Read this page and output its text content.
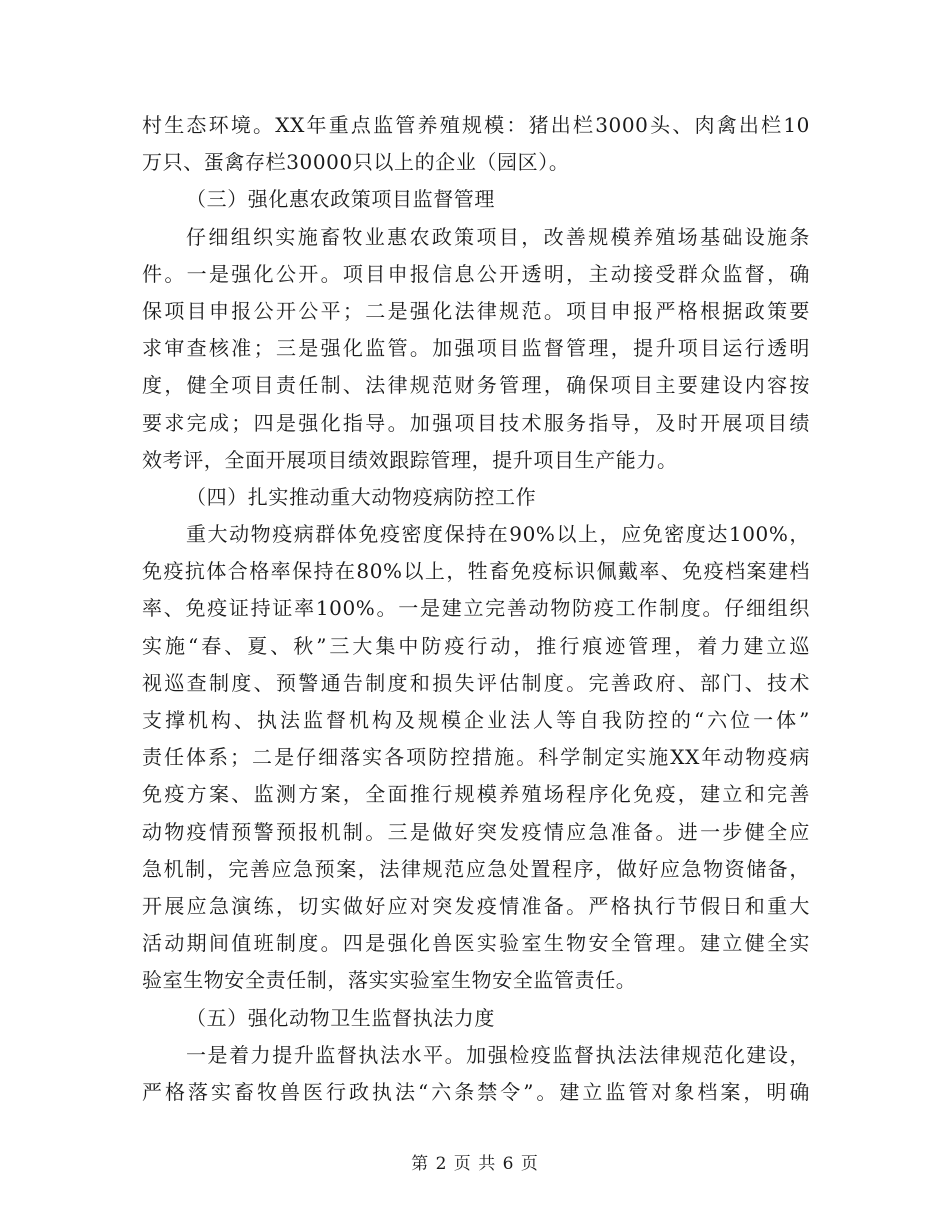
村生态环境。XX年重点监管养殖规模：猪出栏3000头、肉禽出栏10
万只、蛋禽存栏30000只以上的企业（园区）。
（三）强化惠农政策项目监督管理
仔细组织实施畜牧业惠农政策项目，改善规模养殖场基础设施条
件。一是强化公开。项目申报信息公开透明，主动接受群众监督，确
保项目申报公开公平；二是强化法律规范。项目申报严格根据政策要
求审查核准；三是强化监管。加强项目监督管理，提升项目运行透明
度，健全项目责任制、法律规范财务管理，确保项目主要建设内容按
要求完成；四是强化指导。加强项目技术服务指导，及时开展项目绩
效考评，全面开展项目绩效跟踪管理，提升项目生产能力。
（四）扎实推动重大动物疫病防控工作
重大动物疫病群体免疫密度保持在90%以上，应免密度达100%，
免疫抗体合格率保持在80%以上，牲畜免疫标识佩戴率、免疫档案建档
率、免疫证持证率100%。一是建立完善动物防疫工作制度。仔细组织
实施“春、夏、秋”三大集中防疫行动，推行痕迹管理，着力建立巡
视巡查制度、预警通告制度和损失评估制度。完善政府、部门、技术
支撑机构、执法监督机构及规模企业法人等自我防控的“六位一体”
责任体系；二是仔细落实各项防控措施。科学制定实施XX年动物疫病
免疫方案、监测方案，全面推行规模养殖场程序化免疫，建立和完善
动物疫情预警预报机制。三是做好突发疫情应急准备。进一步健全应
急机制，完善应急预案，法律规范应急处置程序，做好应急物资储备，
开展应急演练，切实做好应对突发疫情准备。严格执行节假日和重大
活动期间值班制度。四是强化兽医实验室生物安全管理。建立健全实
验室生物安全责任制，落实实验室生物安全监管责任。
（五）强化动物卫生监督执法力度
一是着力提升监督执法水平。加强检疫监督执法法律规范化建设，
严格落实畜牧兽医行政执法“六条禁令”。建立监管对象档案，明确
第 2 页 共 6 页
